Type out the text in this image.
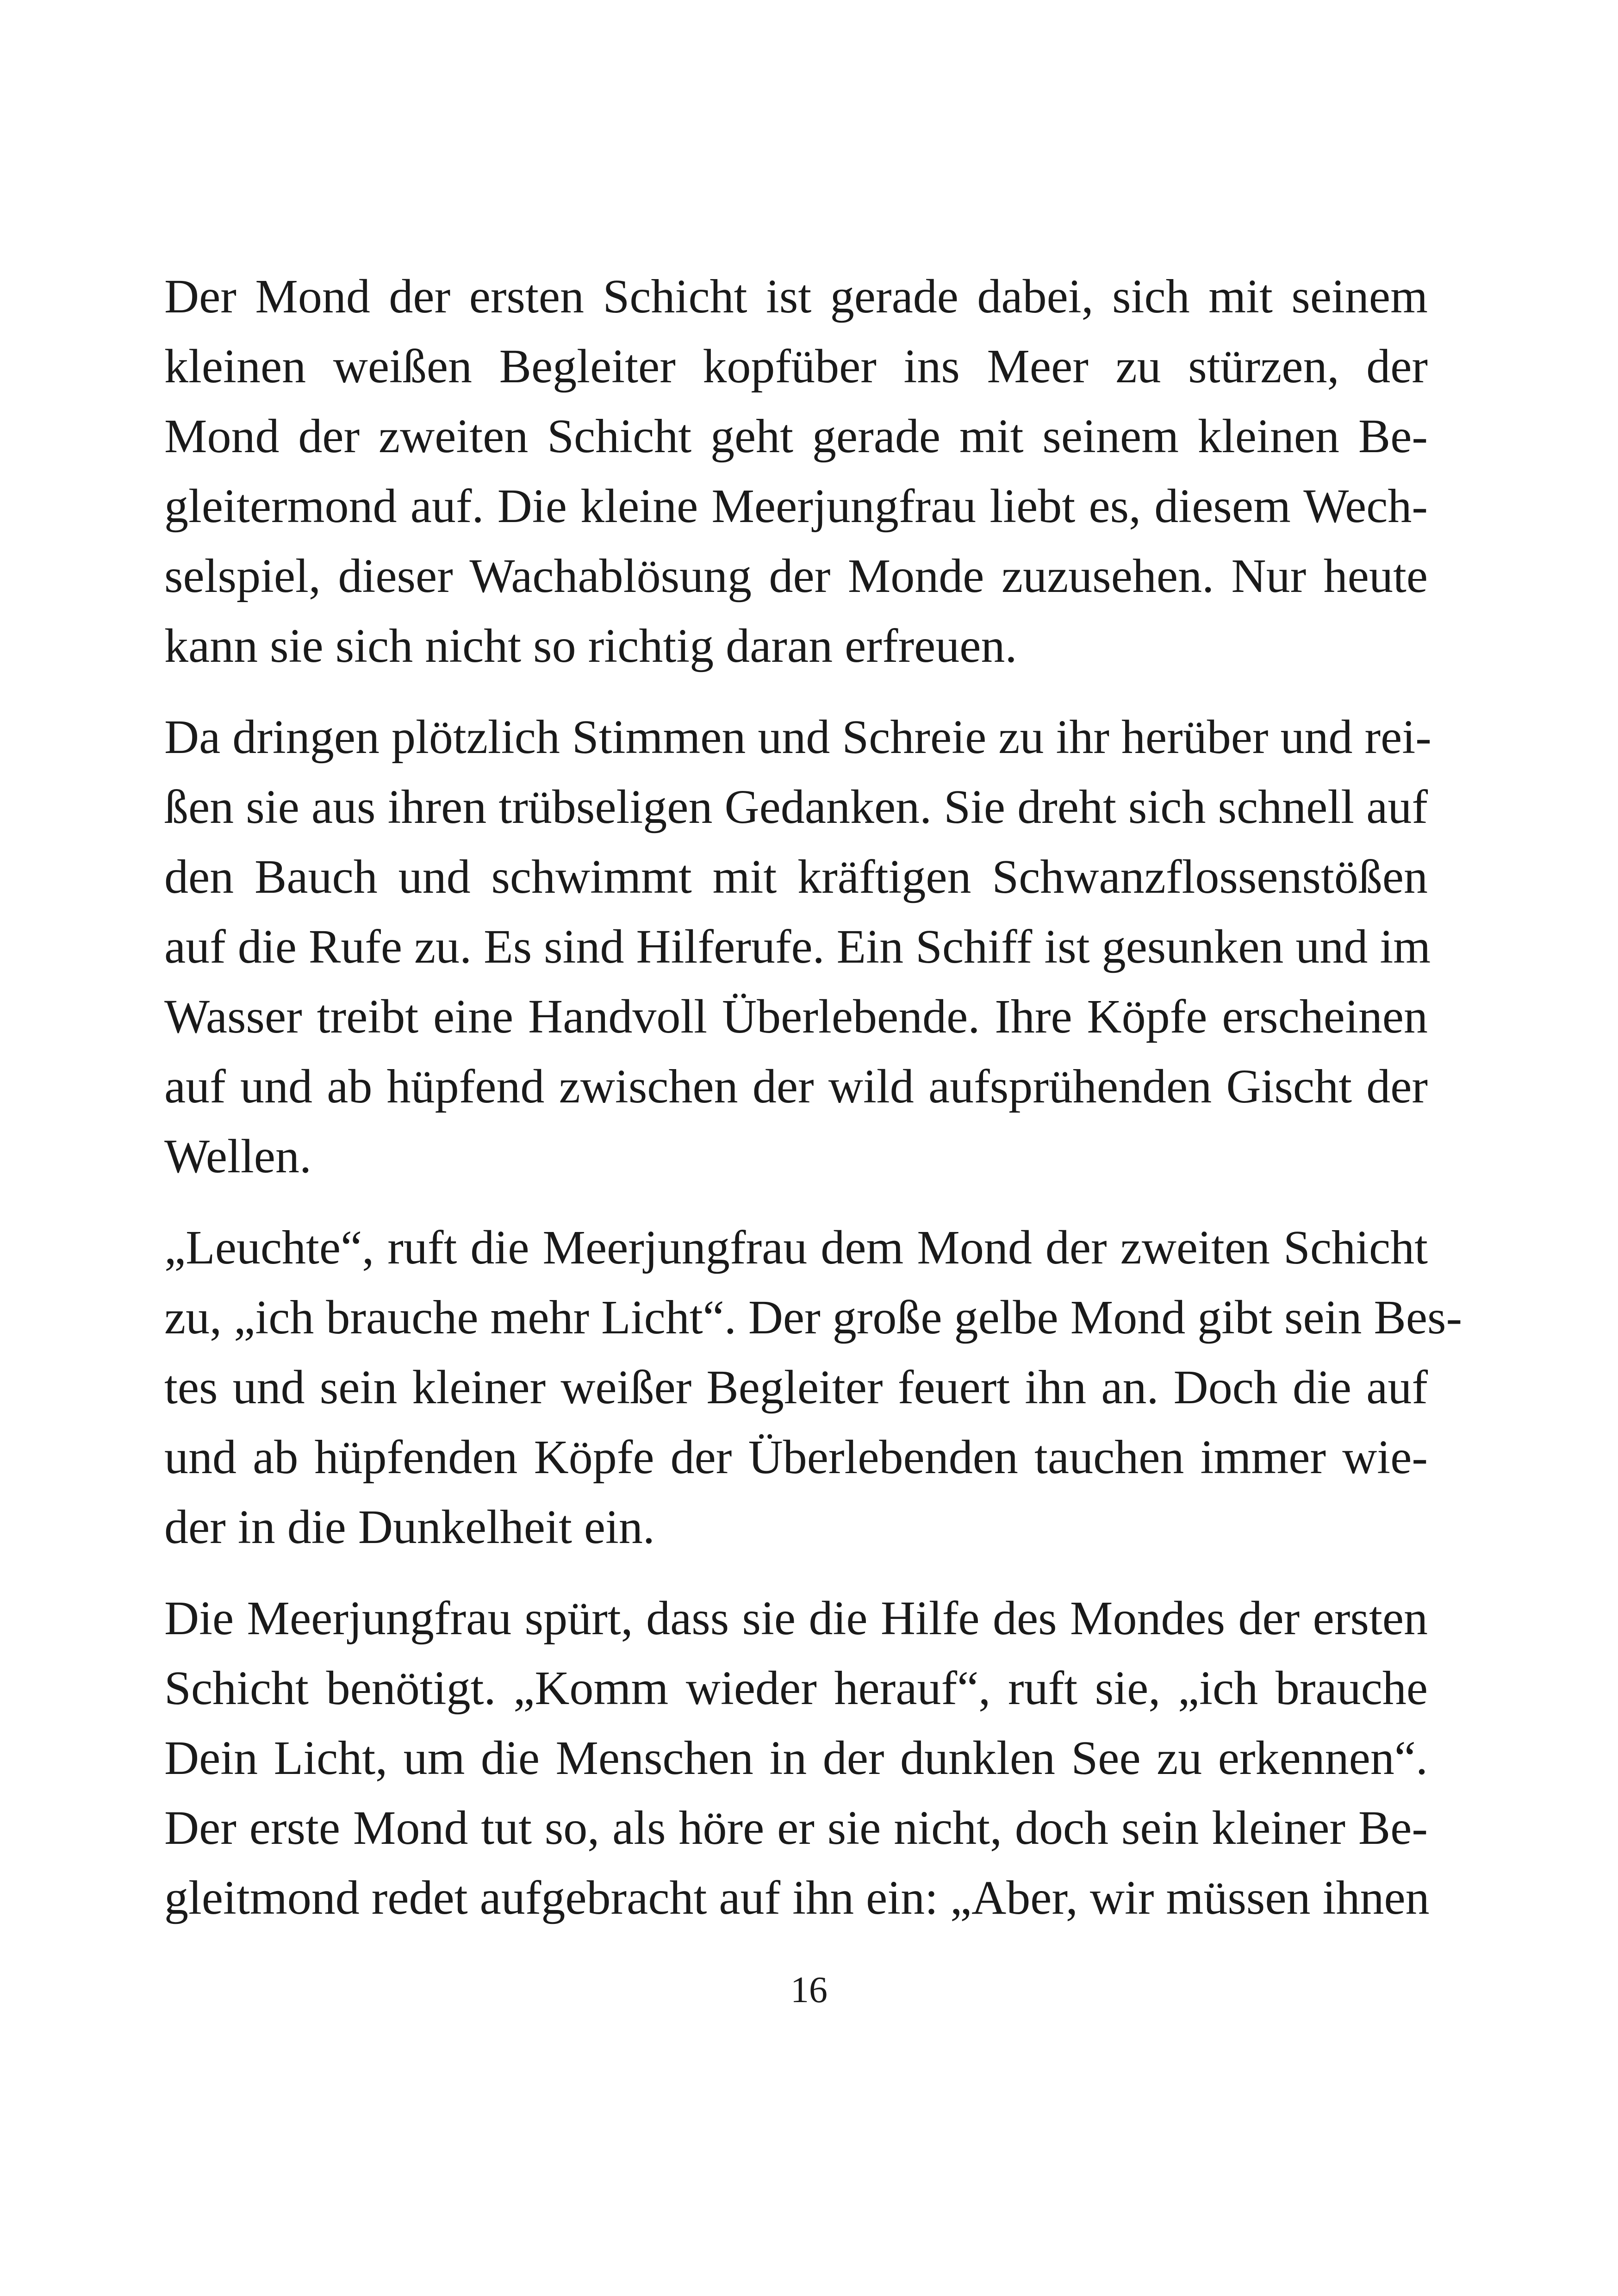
Der Mond der ersten Schicht ist gerade dabei, sich mit seinem
kleinen weißen Begleiter kopfüber ins Meer zu stürzen, der
Mond der zweiten Schicht geht gerade mit seinem kleinen Be-
gleitermond auf. Die kleine Meerjungfrau liebt es, diesem Wech-
selspiel, dieser Wachablösung der Monde zuzusehen. Nur heute
kann sie sich nicht so richtig daran erfreuen.
Da dringen plötzlich Stimmen und Schreie zu ihr herüber und rei-
ßen sie aus ihren trübseligen Gedanken. Sie dreht sich schnell auf
den Bauch und schwimmt mit kräftigen Schwanzflossenstößen
auf die Rufe zu. Es sind Hilferufe. Ein Schiff ist gesunken und im
Wasser treibt eine Handvoll Überlebende. Ihre Köpfe erscheinen
auf und ab hüpfend zwischen der wild aufsprühenden Gischt der
Wellen.
„Leuchte“, ruft die Meerjungfrau dem Mond der zweiten Schicht
zu, „ich brauche mehr Licht“. Der große gelbe Mond gibt sein Bes-
tes und sein kleiner weißer Begleiter feuert ihn an. Doch die auf
und ab hüpfenden Köpfe der Überlebenden tauchen immer wie-
der in die Dunkelheit ein.
Die Meerjungfrau spürt, dass sie die Hilfe des Mondes der ersten
Schicht benötigt. „Komm wieder herauf“, ruft sie, „ich brauche
Dein Licht, um die Menschen in der dunklen See zu erkennen“.
Der erste Mond tut so, als höre er sie nicht, doch sein kleiner Be-
gleitmond redet aufgebracht auf ihn ein: „Aber, wir müssen ihnen
16
